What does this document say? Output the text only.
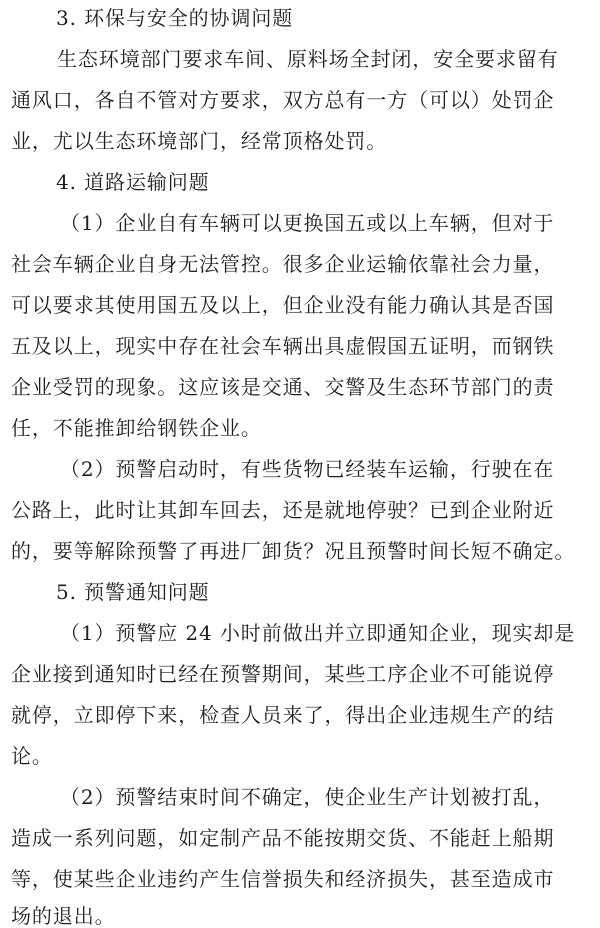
3. 环保与安全的协调问题
生态环境部门要求车间、原料场全封闭，安全要求留有
通风口，各自不管对方要求，双方总有一方（可以）处罚企
业，尤以生态环境部门，经常顶格处罚。
4. 道路运输问题
（1）企业自有车辆可以更换国五或以上车辆，但对于
社会车辆企业自身无法管控。很多企业运输依靠社会力量，
可以要求其使用国五及以上，但企业没有能力确认其是否国
五及以上，现实中存在社会车辆出具虚假国五证明，而钢铁
企业受罚的现象。这应该是交通、交警及生态环节部门的责
任，不能推卸给钢铁企业。
（2）预警启动时，有些货物已经装车运输，行驶在在
公路上，此时让其卸车回去，还是就地停驶？已到企业附近
的，要等解除预警了再进厂卸货？况且预警时间长短不确定。
5. 预警通知问题
（1）预警应 24 小时前做出并立即通知企业，现实却是
企业接到通知时已经在预警期间，某些工序企业不可能说停
就停，立即停下来，检查人员来了，得出企业违规生产的结
论。
（2）预警结束时间不确定，使企业生产计划被打乱，
造成一系列问题，如定制产品不能按期交货、不能赶上船期
等，使某些企业违约产生信誉损失和经济损失，甚至造成市
场的退出。
